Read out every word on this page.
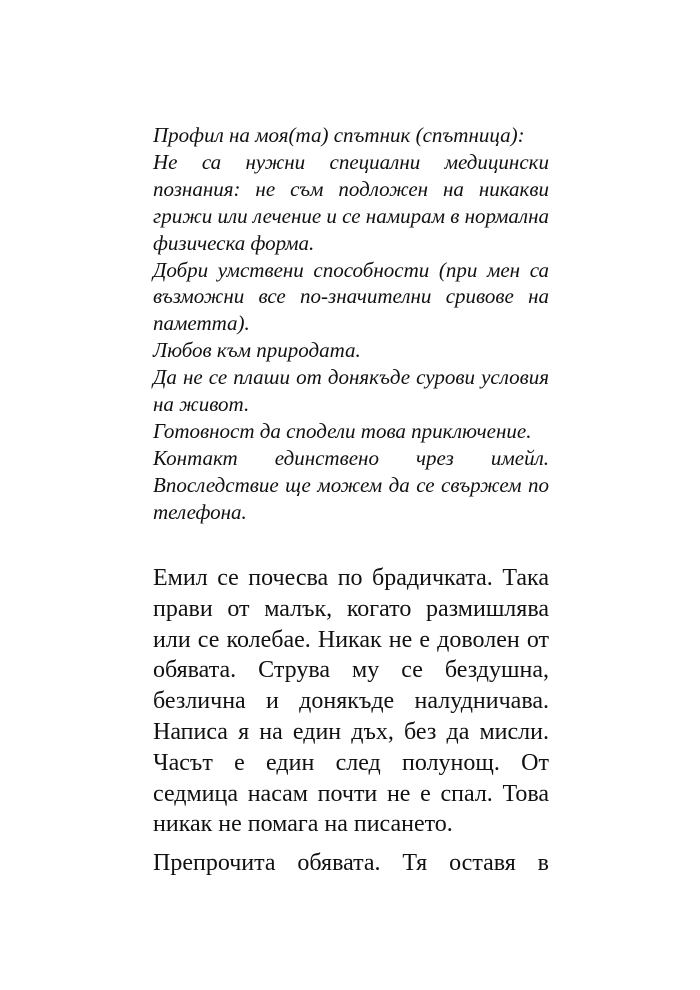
Профил на моя(та) спътник (спътница):

Не са нужни специални медицински познания: не съм подложен на никакви грижи или лечение и се намирам в нормална физическа форма.

Добри умствени способности (при мен са възможни все по-значителни сривове на паметта).

Любов към природата.

Да не се плаши от донякъде сурови условия на живот.

Готовност да сподели това приключение.

Контакт единствено чрез имейл. Впоследствие ще можем да се свържем по телефона.

Емил се почесва по брадичката. Така прави от малък, когато размишлява или се колебае. Никак не е доволен от обявата. Струва му се бездушна, безлична и донякъде налудничава. Написа я на един дъх, без да мисли. Часът е един след полунощ. От седмица насам почти не е спал. Това никак не помага на писането.

Препрочита обявата. Тя оставя в
